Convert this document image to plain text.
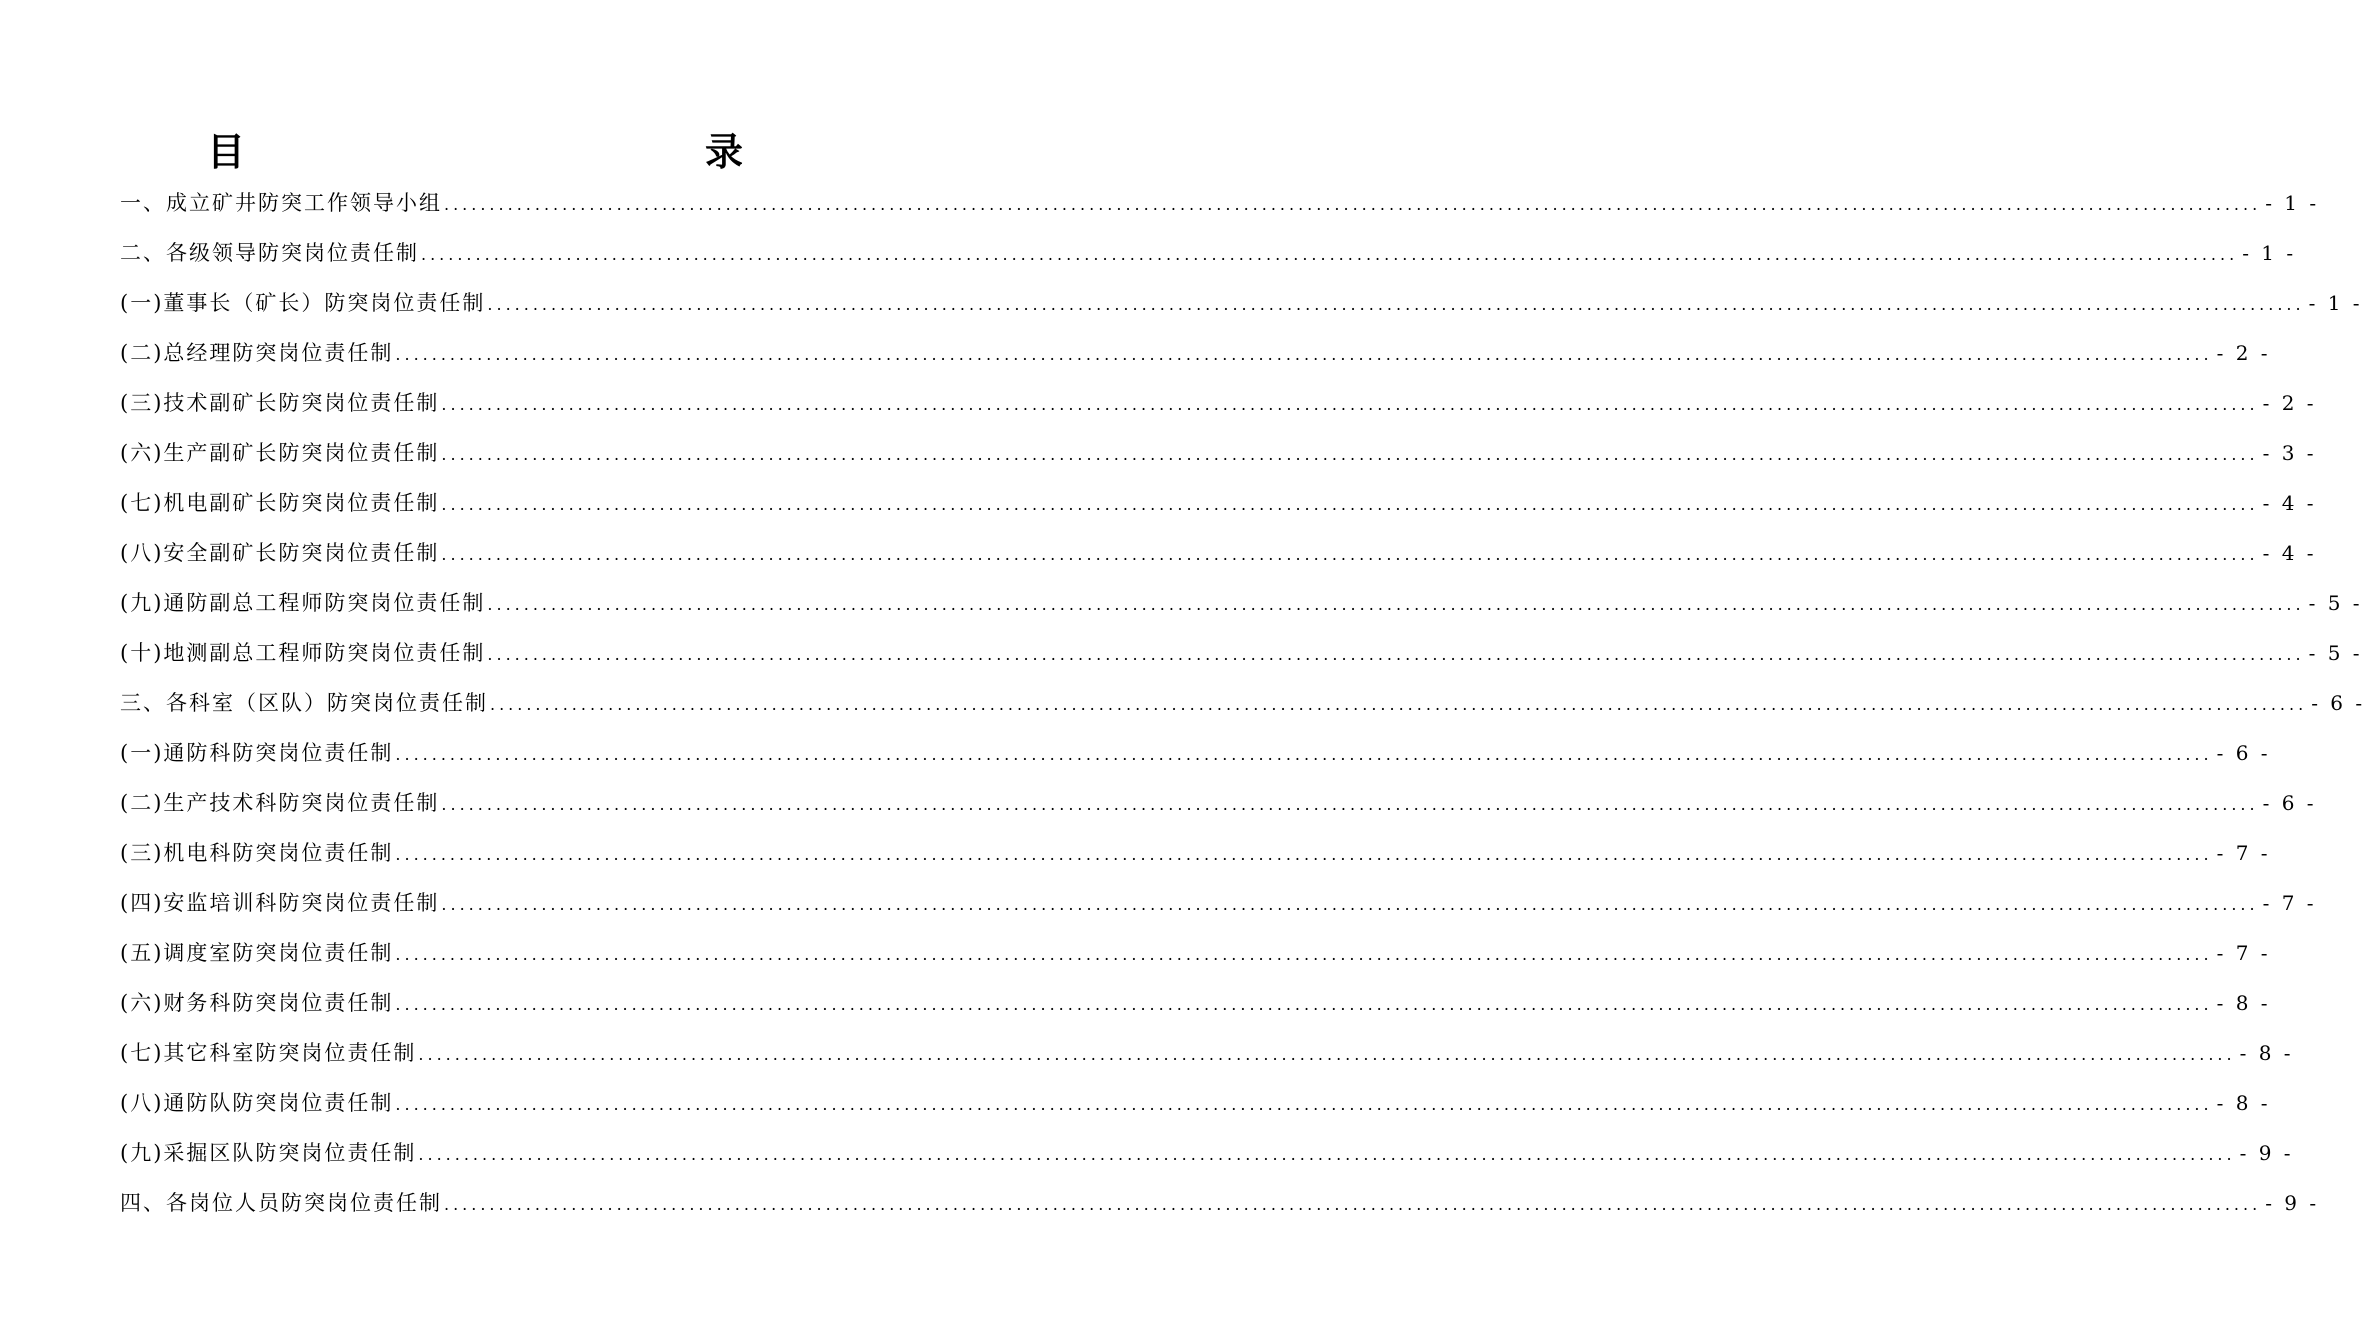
目　　录
一、成立矿井防突工作领导小组 ........................................................................................................................................................................................................ - 1 -
二、各级领导防突岗位责任制 ........................................................................................................................................................................................................ - 1 -
(一)董事长（矿长）防突岗位责任制 ........................................................................................................................................................................................................ - 1 -
(二)总经理防突岗位责任制 ........................................................................................................................................................................................................ - 2 -
(三)技术副矿长防突岗位责任制 ........................................................................................................................................................................................................ - 2 -
(六)生产副矿长防突岗位责任制 ........................................................................................................................................................................................................ - 3 -
(七)机电副矿长防突岗位责任制 ........................................................................................................................................................................................................ - 4 -
(八)安全副矿长防突岗位责任制 ........................................................................................................................................................................................................ - 4 -
(九)通防副总工程师防突岗位责任制 ........................................................................................................................................................................................................ - 5 -
(十)地测副总工程师防突岗位责任制 ........................................................................................................................................................................................................ - 5 -
三、各科室（区队）防突岗位责任制 ........................................................................................................................................................................................................ - 6 -
(一)通防科防突岗位责任制 ........................................................................................................................................................................................................ - 6 -
(二)生产技术科防突岗位责任制 ........................................................................................................................................................................................................ - 6 -
(三)机电科防突岗位责任制 ........................................................................................................................................................................................................ - 7 -
(四)安监培训科防突岗位责任制 ........................................................................................................................................................................................................ - 7 -
(五)调度室防突岗位责任制 ........................................................................................................................................................................................................ - 7 -
(六)财务科防突岗位责任制 ........................................................................................................................................................................................................ - 8 -
(七)其它科室防突岗位责任制 ........................................................................................................................................................................................................ - 8 -
(八)通防队防突岗位责任制 ........................................................................................................................................................................................................ - 8 -
(九)采掘区队防突岗位责任制 ........................................................................................................................................................................................................ - 9 -
四、各岗位人员防突岗位责任制 ........................................................................................................................................................................................................ - 9 -
